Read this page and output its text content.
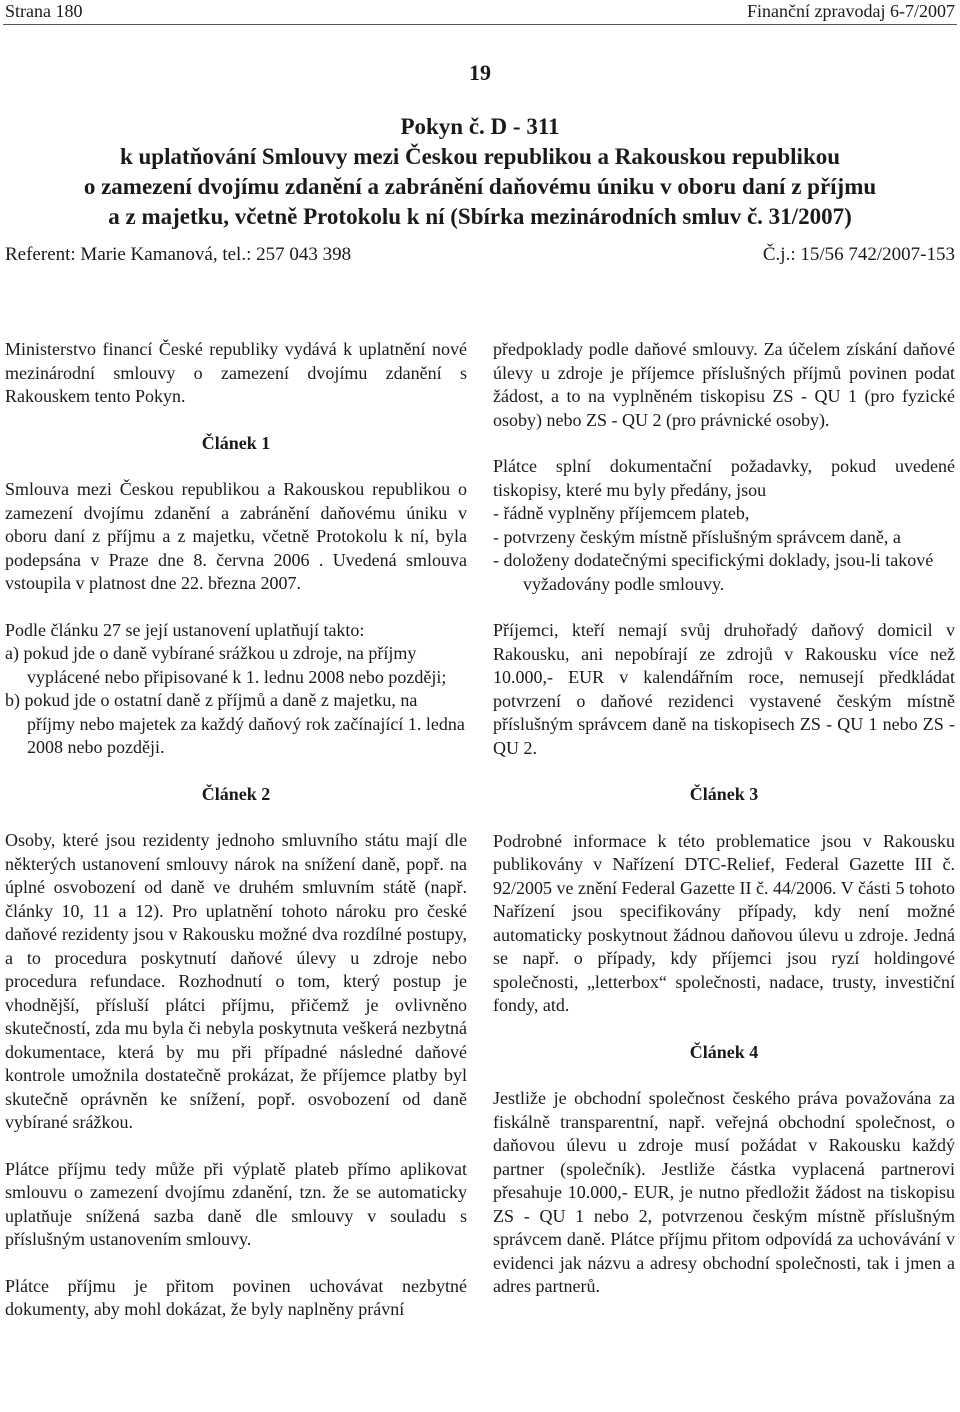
Strana 180	Finanční zpravodaj 6-7/2007
19
Pokyn č. D - 311
k uplatňování Smlouvy mezi Českou republikou a Rakouskou republikou
o zamezení dvojímu zdanění a zabránění daňovému úniku v oboru daní z příjmu
a z majetku, včetně Protokolu k ní (Sbírka mezinárodních smluv č. 31/2007)
Referent: Marie Kamanová, tel.: 257 043 398	Č.j.: 15/56 742/2007-153

Ministerstvo financí České republiky vydává k uplatnění nové mezinárodní smlouvy o zamezení dvojímu zdanění s Rakouskem tento Pokyn.

Článek 1

Smlouva mezi Českou republikou a Rakouskou republikou o zamezení dvojímu zdanění a zabránění daňovému úniku v oboru daní z příjmu a z majetku, včetně Protokolu k ní, byla podepsána v Praze dne 8. června 2006 . Uvedená smlouva vstoupila v platnost dne 22. března 2007.

Podle článku 27 se její ustanovení uplatňují takto:

a) pokud jde o daně vybírané srážkou u zdroje, na příjmy vyplácené nebo připisované k 1. lednu 2008 nebo později;

b) pokud jde o ostatní daně z příjmů a daně z majetku, na příjmy nebo majetek za každý daňový rok začínající 1. ledna 2008 nebo později.

Článek 2

Osoby, které jsou rezidenty jednoho smluvního státu mají dle některých ustanovení smlouvy nárok na snížení daně, popř. na úplné osvobození od daně ve druhém smluvním státě (např. články 10, 11 a 12). Pro uplatnění tohoto nároku pro české daňové rezidenty jsou v Rakousku možné dva rozdílné postupy, a to procedura poskytnutí daňové úlevy u zdroje nebo procedura refundace. Rozhodnutí o tom, který postup je vhodnější, přísluší plátci příjmu, přičemž je ovlivněno skutečností, zda mu byla či nebyla poskytnuta veškerá nezbytná dokumentace, která by mu při případné následné daňové kontrole umožnila dostatečně prokázat, že příjemce platby byl skutečně oprávněn ke snížení, popř. osvobození od daně vybírané srážkou.

Plátce příjmu tedy může při výplatě plateb přímo aplikovat smlouvu o zamezení dvojímu zdanění, tzn. že se automaticky uplatňuje snížená sazba daně dle smlouvy v souladu s příslušným ustanovením smlouvy.

Plátce příjmu je přitom povinen uchovávat nezbytné dokumenty, aby mohl dokázat, že byly naplněny právní

předpoklady podle daňové smlouvy. Za účelem získání daňové úlevy u zdroje je příjemce příslušných příjmů povinen podat žádost, a to na vyplněném tiskopisu ZS - QU 1 (pro fyzické osoby) nebo ZS - QU 2 (pro právnické osoby).

Plátce splní dokumentační požadavky, pokud uvedené tiskopisy, které mu byly předány, jsou

- řádně vyplněny příjemcem plateb,

- potvrzeny českým místně příslušným správcem daně, a

- doloženy dodatečnými specifickými doklady, jsou-li takové vyžadovány podle smlouvy.

Příjemci, kteří nemají svůj druhořadý daňový domicil v Rakousku, ani nepobírají ze zdrojů v Rakousku více než 10.000,- EUR v kalendářním roce, nemusejí předkládat potvrzení o daňové rezidenci vystavené českým místně příslušným správcem daně na tiskopisech ZS - QU 1 nebo ZS - QU 2.

Článek 3

Podrobné informace k této problematice jsou v Rakousku publikovány v Nařízení DTC-Relief, Federal Gazette III č. 92/2005 ve znění Federal Gazette II č. 44/2006. V části 5 tohoto Nařízení jsou specifikovány případy, kdy není možné automaticky poskytnout žádnou daňovou úlevu u zdroje. Jedná se např. o případy, kdy příjemci jsou ryzí holdingové společnosti, „letterbox“ společnosti, nadace, trusty, investiční fondy, atd.

Článek 4

Jestliže je obchodní společnost českého práva považována za fiskálně transparentní, např. veřejná obchodní společnost, o daňovou úlevu u zdroje musí požádat v Rakousku každý partner (společník). Jestliže částka vyplacená partnerovi přesahuje 10.000,- EUR, je nutno předložit žádost na tiskopisu ZS - QU 1 nebo 2, potvrzenou českým místně příslušným správcem daně. Plátce příjmu přitom odpovídá za uchovávání v evidenci jak názvu a adresy obchodní společnosti, tak i jmen a adres partnerů.
